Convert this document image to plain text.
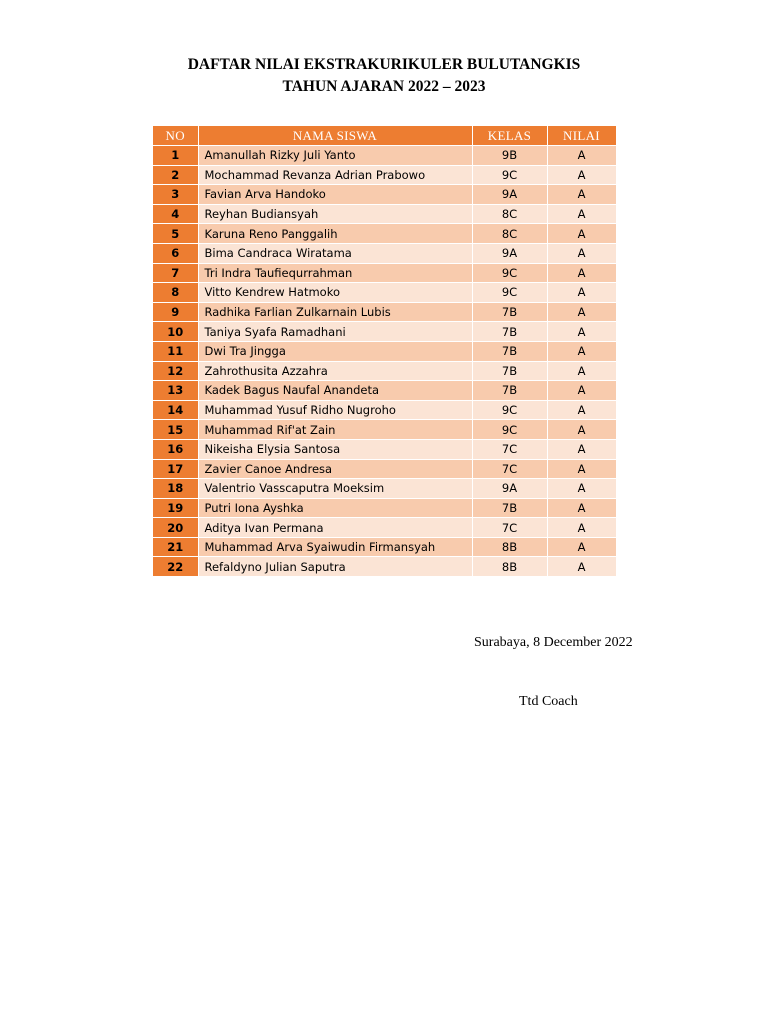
DAFTAR NILAI EKSTRAKURIKULER BULUTANGKIS
TAHUN AJARAN 2022 – 2023
NO	NAMA SISWA	KELAS	NILAI
1	Amanullah Rizky Juli Yanto	9B	A
2	Mochammad Revanza Adrian Prabowo	9C	A
3	Favian Arva Handoko	9A	A
4	Reyhan Budiansyah	8C	A
5	Karuna Reno Panggalih	8C	A
6	Bima Candraca Wiratama	9A	A
7	Tri Indra Taufiequrrahman	9C	A
8	Vitto Kendrew Hatmoko	9C	A
9	Radhika Farlian Zulkarnain Lubis	7B	A
10	Taniya Syafa Ramadhani	7B	A
11	Dwi Tra Jingga	7B	A
12	Zahrothusita Azzahra	7B	A
13	Kadek Bagus Naufal Anandeta	7B	A
14	Muhammad Yusuf Ridho Nugroho	9C	A
15	Muhammad Rif'at Zain	9C	A
16	Nikeisha Elysia Santosa	7C	A
17	Zavier Canoe Andresa	7C	A
18	Valentrio Vasscaputra Moeksim	9A	A
19	Putri Iona Ayshka	7B	A
20	Aditya Ivan Permana	7C	A
21	Muhammad Arva Syaiwudin Firmansyah	8B	A
22	Refaldyno Julian Saputra	8B	A
Surabaya, 8 December 2022
Ttd Coach
